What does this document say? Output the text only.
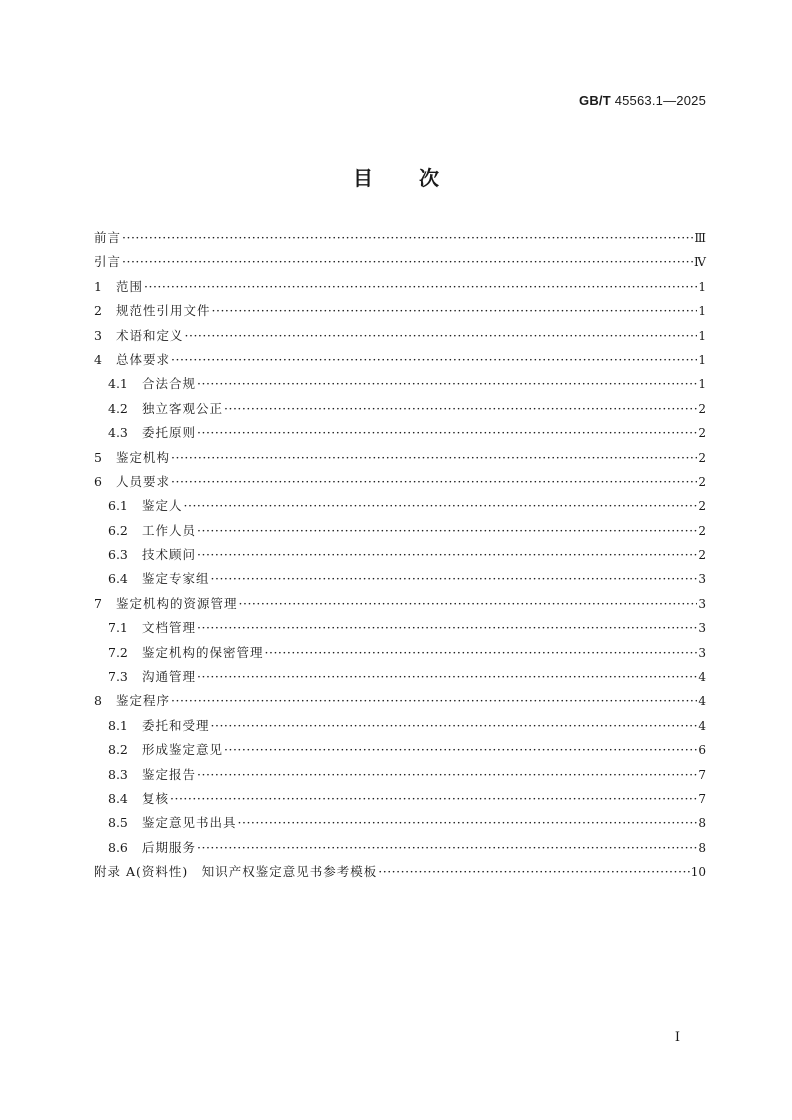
GB/T 45563.1—2025
目次
前言 ·····	Ⅲ
引言 ·····	Ⅳ
1	范围 ·····	1
2	规范性引用文件 ·····	1
3	术语和定义 ·····	1
4	总体要求 ·····	1
4.1	合法合规 ·····	1
4.2	独立客观公正 ·····	2
4.3	委托原则 ·····	2
5	鉴定机构 ·····	2
6	人员要求 ·····	2
6.1	鉴定人 ·····	2
6.2	工作人员 ·····	2
6.3	技术顾问 ·····	2
6.4	鉴定专家组 ·····	3
7	鉴定机构的资源管理 ·····	3
7.1	文档管理 ·····	3
7.2	鉴定机构的保密管理 ·····	3
7.3	沟通管理 ·····	4
8	鉴定程序 ·····	4
8.1	委托和受理 ·····	4
8.2	形成鉴定意见 ·····	6
8.3	鉴定报告 ·····	7
8.4	复核 ·····	7
8.5	鉴定意见书出具 ·····	8
8.6	后期服务 ·····	8
附录 A(资料性)　知识产权鉴定意见书参考模板 ·····	10
Ⅰ
